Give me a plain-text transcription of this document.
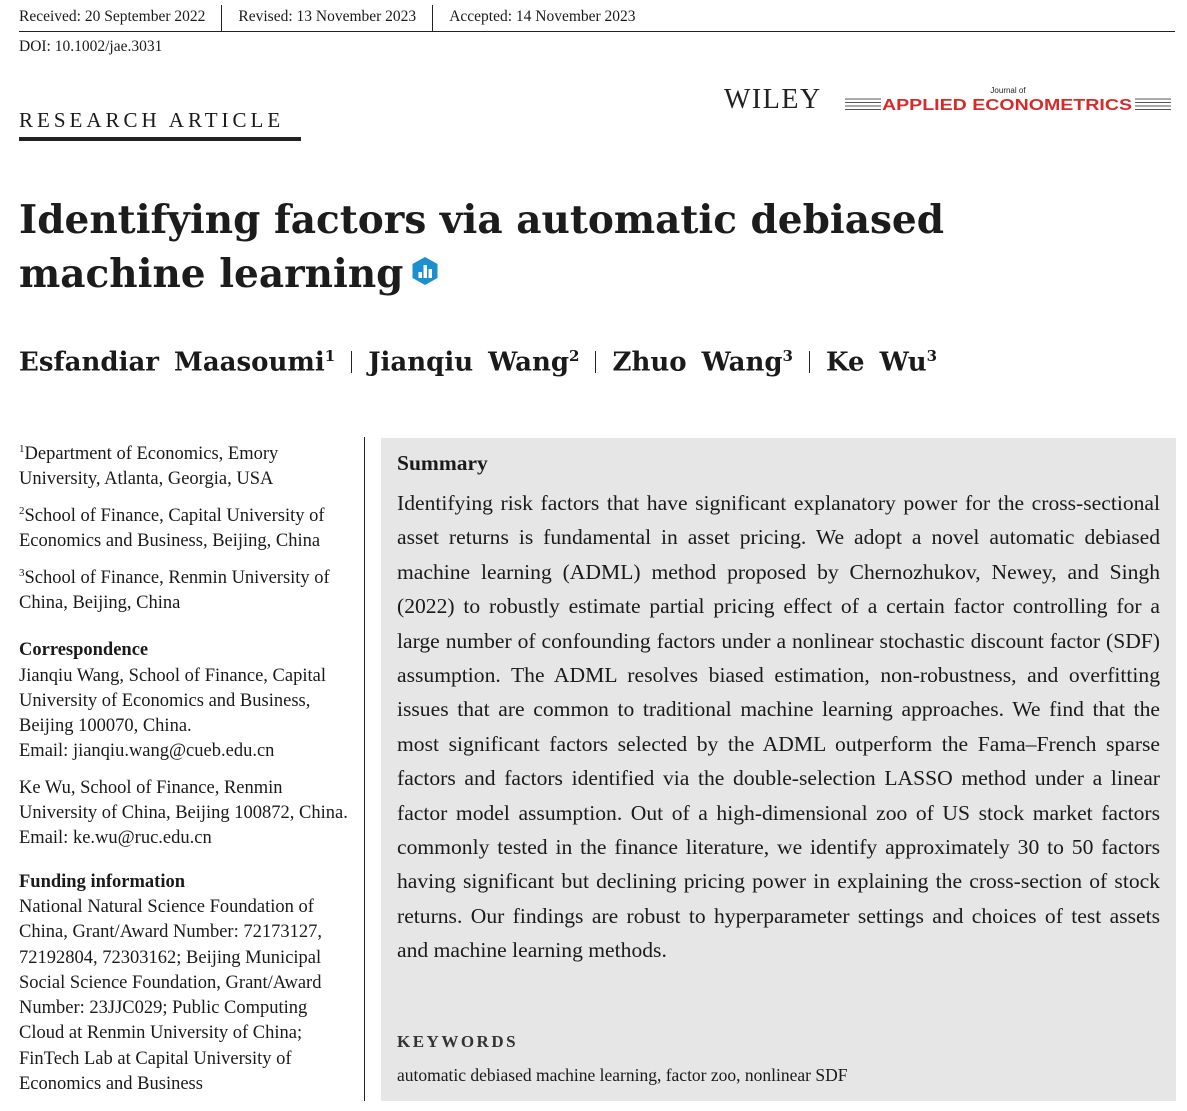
Received: 20 September 2022	Revised: 13 November 2023	Accepted: 14 November 2023
DOI: 10.1002/jae.3031
RESEARCH ARTICLE
WILEY	Journal of
APPLIED ECONOMETRICS
Identifying factors via automatic debiased machine learning
Esfandiar Maasoumi$^1$ Jianqiu Wang$^2$ Zhuo Wang$^3$ Ke Wu$^3$
$^1$Department of Economics, Emory University, Atlanta, Georgia, USA
$^2$School of Finance, Capital University of Economics and Business, Beijing, China
$^3$School of Finance, Renmin University of China, Beijing, China
Correspondence
Jianqiu Wang, School of Finance, Capital University of Economics and Business, Beijing 100070, China.
Email: jianqiu.wang@cueb.edu.cn
Ke Wu, School of Finance, Renmin University of China, Beijing 100872, China.
Email: ke.wu@ruc.edu.cn
Funding information
National Natural Science Foundation of China, Grant/Award Number: 72173127, 72192804, 72303162; Beijing Municipal Social Science Foundation, Grant/Award Number: 23JJC029; Public Computing Cloud at Renmin University of China; FinTech Lab at Capital University of Economics and Business
Summary
Identifying risk factors that have significant explanatory power for the cross-sectional asset returns is fundamental in asset pricing. We adopt a novel automatic debiased machine learning (ADML) method proposed by Chernozhukov, Newey, and Singh (2022) to robustly estimate partial pricing effect of a certain factor controlling for a large number of confounding factors under a nonlinear stochastic discount factor (SDF) assumption. The ADML resolves biased estimation, non-robustness, and overfitting issues that are common to traditional machine learning approaches. We find that the most significant factors selected by the ADML outperform the Fama–French sparse factors and factors identified via the double-selection LASSO method under a linear factor model assumption. Out of a high-dimensional zoo of US stock market factors commonly tested in the finance literature, we identify approximately 30 to 50 factors having significant but declining pricing power in explaining the cross-section of stock returns. Our findings are robust to hyperparameter settings and choices of test assets and machine learning methods.
KEYWORDS
automatic debiased machine learning, factor zoo, nonlinear SDF
